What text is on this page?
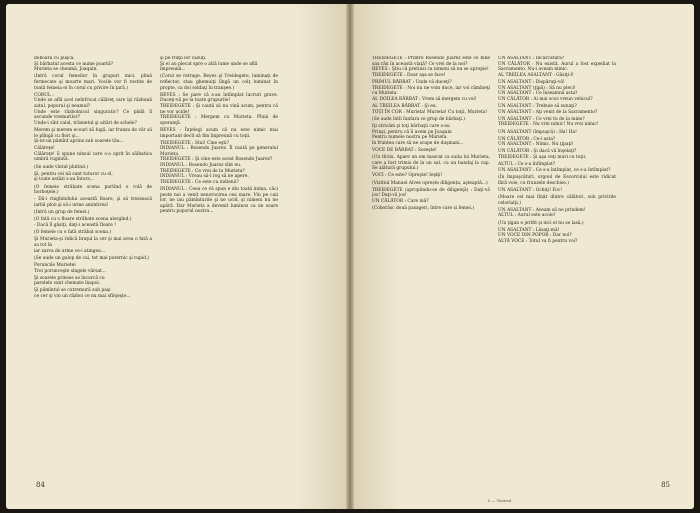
doboarä cu puşca.
Şi bărbatul acesta ce nume poartă?
Murieta se cheamă, Joaquin.

(Intră corul femeilor în grupuri mici, plină fermecate şi moarte mari. Vocile vor fi rostite de toată femeia ei în corul cu privire în ţară.)

CORUL :
Unde se află acel neînfricat călăreţ care îşi răzbună satul, poporul şi neamul?
Unde este războinicul singuratic? Ce pădă îl ascunde vremurilor?
Unde-i sînt calul, trăsnetul şi uitări de schele?

Merem şi merem ecouri să fugă, iar frunza de văr să le plîngă cu flori şi...
Şi-nt-un pămînt aprins sub soarele tău...

Călăreţe!
Călăreţe! îi spune ninsul care s-a oprit în sălbatica umbră ruginită.

(Se aude vîntul plutind.)

Şi, pentru cei nă sunt tuturor cu el,
şi toate astăzi s-au întors...

(O femeie străbate scena purtînd o rolă de horboţele.)

- Dă-i ringhindului această floare, şi să trezească iarbă ploii şi să-i urme amintirea!

(Intră un grup de femei.)

(O fată cu o floare străbate scena alergînd.)
- Dacă îl găsiţi, daţi-i această floare !

(O femeie cu o fată străbat scena.)

Şi Murieta-şi ridică braţul la cer şi mai avea o fată a sa tot în
iar zarva de arme ce-i atingea...

(Se aude un galop de cai, tot mai puternic şi rapid.)

Poruncile Murietei
Trei porunceşte singele vărsat...

Şi soarele prinses se încurcă cu
parolele sunt chemate înapoi.

Şi pămîntul se cutremură sub paşi
ce cer şi vin un război ce nu mai sfîrşeşte...

şi pe fraţii lor căzuţi.
Şi ei au plecat spre o altă lume unde se află
împreună...

(Corul se retrage. Reyes şi Treidegete, luminaţi de reflector, stau ghemuiţi lîngă un colţ luminat în propte, ca doi soldaţi în tranşee.)

REYES : Se pare că s-au întîmplat lucruri grave. Duceţi-vă pe la toate grupurile!
TREIDEGETE : Şi caută să nu vină acum, pentru că ne vor ucide!
TREIDEGETE : Mergem cu Murieta. Plină de speranţă.

REYES : Înţelegi acum că nu este nimic mai important decît să fim împreună cu toţii.

TREIDEGETE : Stai! Cine eşti?
INDIANUL : Rosendo Juarez. Îl caută pe generalul Murieta.
TREIDEGETE : Şi cine este acest Rosendo Juarez?
INDIANUL : Rosendo Juarez sînt eu.
TREIDEGETE : Ce vrei de la Murieta?
INDIANUL : Vreau să-l rog să ne apere.
TREIDEGETE : Ce este cu indienii?

INDIANUL : Ceea ce vă spun e din toată inima, căci peste noi a venit nenorocirea cea mare. Vin pe caii lor, ne iau pămînturile şi ne ucid, şi nimeni nu ne apără. Dar Murieta a devenit luminos ca un soare pentru poporul nostru...

84

TREIDEGETE : Printre Rosendo Juarez este ce bine sau rău în această viaţă? Ce vrei de la noi?
REYES : Ştiu că pretinzi ca nimeni să nu se apropie!
TREIDEGETE : Doar aşa se face!

PRIMUL BĂRBAT : Unde vă duceţi?
TREIDEGETE : Noi nu ne vom duce, iar voi rămîneţi cu Murieta.
AL DOILEA BĂRBAT : Vrem să mergem cu voi!

AL TREILEA BĂRBAT : Şi eu.
TOŢI ÎN COR : Murieta! Murieta! Cu toţii, Murieta!

(Se aude întîi fanfara ce grup de bărbaţi.)

Iţi stricăm şi toţi bărbaţii care s-au
Prinşi, pentru că îi avem pe Joaquin
Pentru numele nostru pe Murieta
în fruntea care să ne scape de duşmani...

VOCE DE BĂRBAT : Soseşte!

(Un tîrziu. Apare un om mascat ca suita lui Murieta, care a fost trimis de la un sat, cu un bandaj la cap. Se alătură grupului.)

VOCI : Ce este? Opreşte! Ieşiţi!

(Vizitiul Manuel Alves oprește diligența, aşteaptă...)

TREIDEGETE (apropiindu-se de diligenţă) : Daţi-vă jos! Daţi-vă jos!
UN CĂLĂTOR : Care mă?

(Coborăsc două pasageri, între care și femei.)

UN ASALTANT : Încărcătura?
UN CĂLĂTOR : Nu există. Aurul a fost expediat la Sacramento. Nu-i aveam nimic.
AL TREILEA ASALTANT : Găsiţi-l!

UN ASALTANT : Dispăruţi-vă!
UN ASALTANT (ţipă) : Să nu pleci!
UN ASALTANT : Ce înseamnă asta?
UN CĂLĂTOR : Ai mai scos vreun vehicul?

UN ASALTANT : Trebuie să sunaţi?
UN ASALTANT : Aţi venit de la Sacramento?

UN ASALTANT : Ce vrei tu de la mine?
TREIDEGETE : Nu vrei nimic! Nu vrei nimic!

UN ASALTANT (împuşcă) : Ha! Ha!

UN CĂLĂTOR : Ce-i asta?
UN ASALTANT : Nimic. Nu ţipaţi!

UN CĂLĂTOR : Şi dacă vă înşelaţi?
TREIDEGETE : Şi aşa veţi muri cu toţii.

ALTUL : Ce s-a întîmplat?
UN ASALTANT : Ce s-a întîmplat, ce s-a întîmplat?

(În împuşcături, orgoul de Escorcului este ridicat fără voie, cu frunzele deschise.)

UN ASALTANT : Ochiţi! Foc!

(Moare cel mai tînăr dintre călători, sub privirile celorlalţi.)

UN ASALTANT : Aveam să ne prindem!
ALTUL : Aurul este acolo!

(Un ţigan e jertfit şi nici el nu se lasă.)

UN ASALTANT : Lăsaţi-mă!
UN VOCE DIN POPOR : Dar noi?
ALTĂ VOCE : Totul va fi pentru voi?

85
5 — Teatrul
